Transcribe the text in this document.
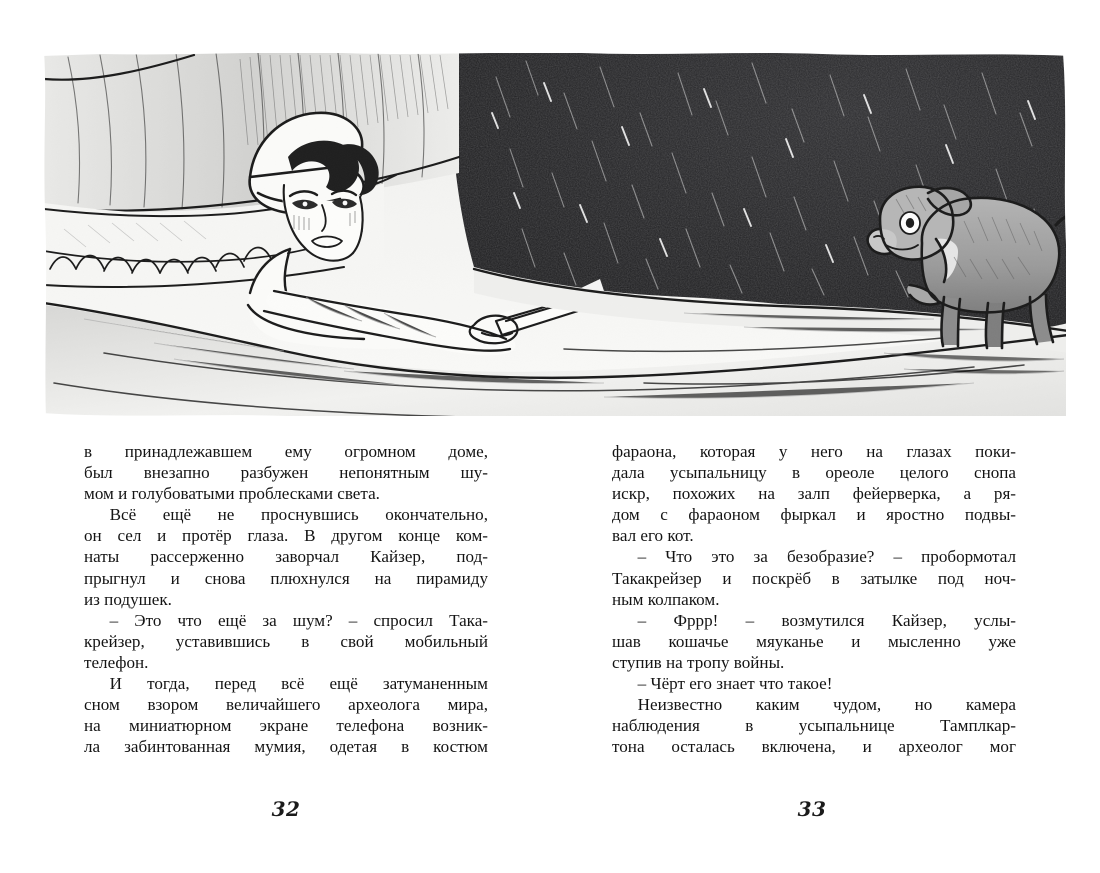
в принадлежавшем ему огромном доме,
был внезапно разбужен непонятным шу-
мом и голубоватыми проблесками света.

Всё ещё не проснувшись окончательно,
он сел и протёр глаза. В другом конце ком-
наты рассерженно заворчал Кайзер, под-
прыгнул и снова плюхнулся на пирамиду
из подушек.

– Это что ещё за шум? – спросил Така-
крейзер, уставившись в свой мобильный
телефон.

И тогда, перед всё ещё затуманенным
сном взором величайшего археолога мира,
на миниатюрном экране телефона возник-
ла забинтованная мумия, одетая в костюм

фараона, которая у него на глазах поки-
дала усыпальницу в ореоле целого снопа
искр, похожих на залп фейерверка, а ря-
дом с фараоном фыркал и яростно подвы-
вал его кот.

– Что это за безобразие? – пробормотал
Такакрейзер и поскрёб в затылке под ноч-
ным колпаком.

– Фррр! – возмутился Кайзер, услы-
шав кошачье мяуканье и мысленно уже
ступив на тропу войны.

– Чёрт его знает что такое!

Неизвестно каким чудом, но камера
наблюдения в усыпальнице Тамплкар-
тона осталась включена, и археолог мог

32	33
